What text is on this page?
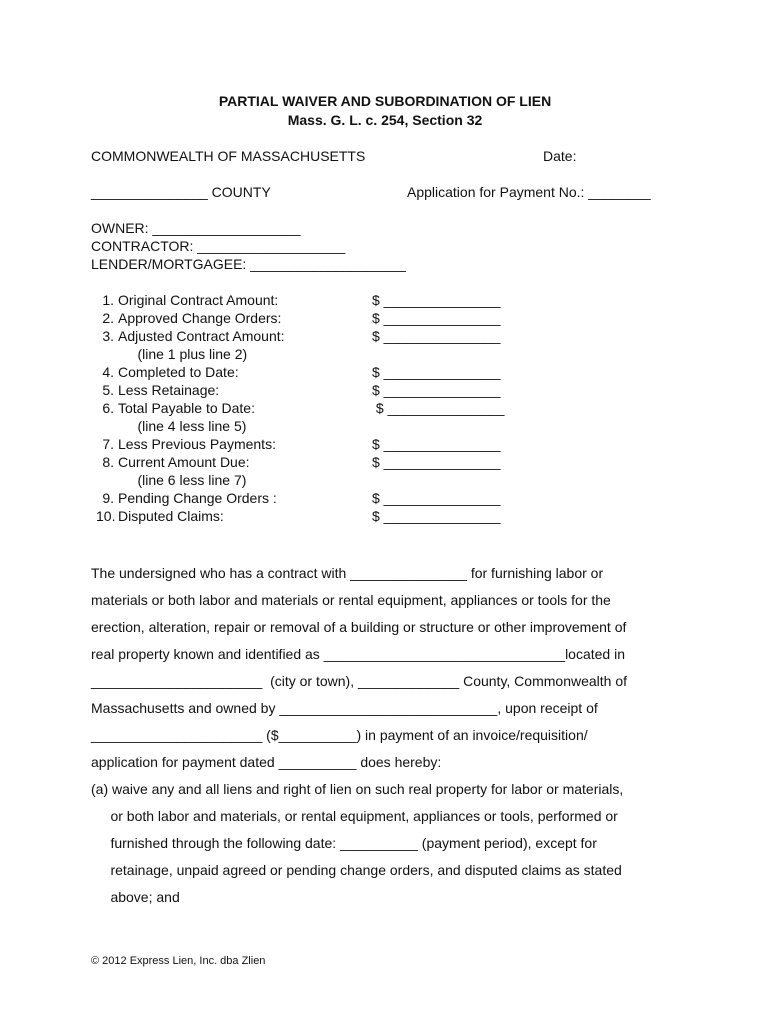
PARTIAL WAIVER AND SUBORDINATION OF LIEN
Mass. G. L. c. 254, Section 32
COMMONWEALTH OF MASSACHUSETTS	Date:
_______________ COUNTY	Application for Payment No.: ________
OWNER: ___________________
CONTRACTOR: ___________________
LENDER/MORTGAGEE: ____________________
1. Original Contract Amount:	$ _______________
2. Approved Change Orders:	$ _______________
3. Adjusted Contract Amount:	$ _______________
(line 1 plus line 2)
4. Completed to Date:	$ _______________
5. Less Retainage:	$ _______________
6. Total Payable to Date:	$ _______________
(line 4 less line 5)
7. Less Previous Payments:	$ _______________
8. Current Amount Due:	$ _______________
(line 6 less line 7)
9. Pending Change Orders :	$ _______________
10. Disputed Claims:	$ _______________
The undersigned who has a contract with _______________ for furnishing labor or
materials or both labor and materials or rental equipment, appliances or tools for the
erection, alteration, repair or removal of a building or structure or other improvement of
real property known and identified as _______________________________located in
______________________  (city or town), _____________ County, Commonwealth of
Massachusetts and owned by ____________________________, upon receipt of
______________________ ($__________) in payment of an invoice/requisition/
application for payment dated __________ does hereby:
(a) waive any and all liens and right of lien on such real property for labor or materials,
or both labor and materials, or rental equipment, appliances or tools, performed or
furnished through the following date: __________ (payment period), except for
retainage, unpaid agreed or pending change orders, and disputed claims as stated
above; and
© 2012 Express Lien, Inc. dba Zlien
